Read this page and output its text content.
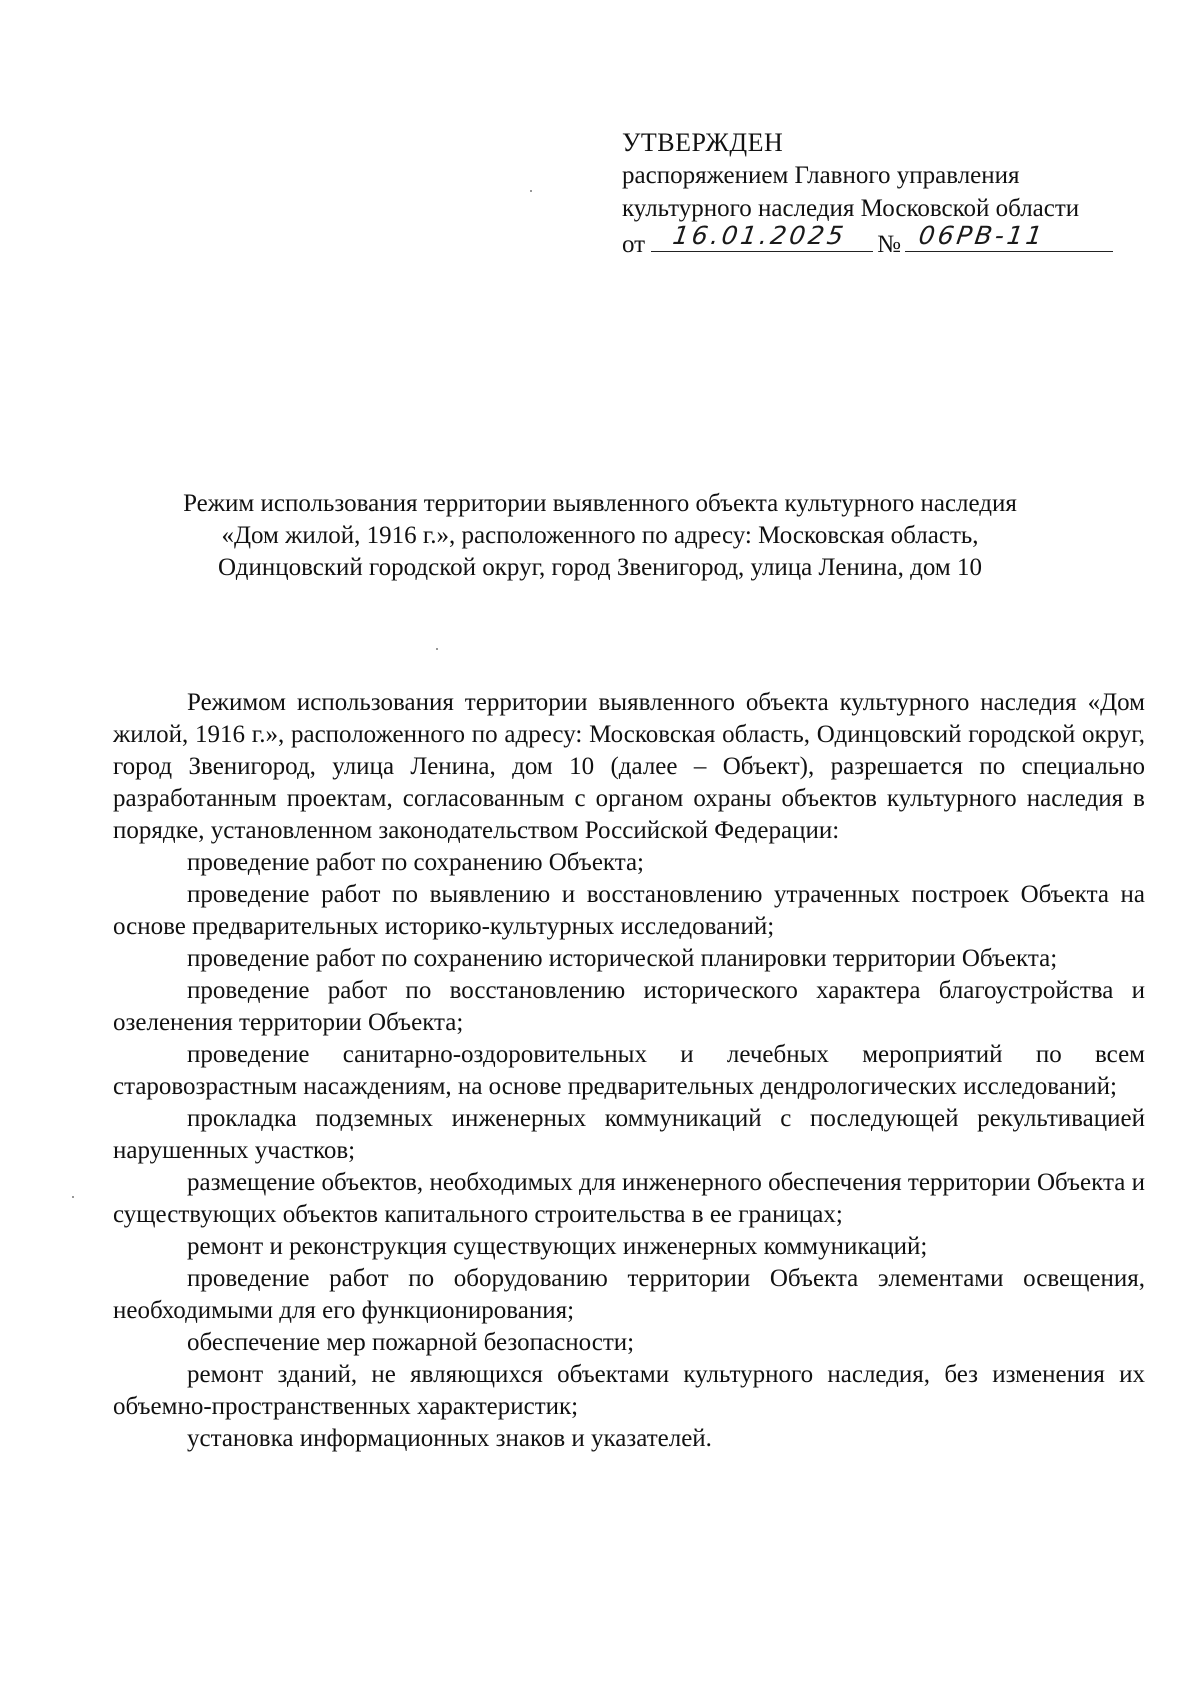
УТВЕРЖДЕН
распоряжением Главного управления
культурного наследия Московской области
от 16.01.2025 № 06РВ-11
Режим использования территории выявленного объекта культурного наследия
«Дом жилой, 1916 г.», расположенного по адресу: Московская область,
Одинцовский городской округ, город Звенигород, улица Ленина, дом 10

Режимом использования территории выявленного объекта культурного наследия «Дом жилой, 1916 г.», расположенного по адресу: Московская область, Одинцовский городской округ, город Звенигород, улица Ленина, дом 10 (далее – Объект), разрешается по специально разработанным проектам, согласованным с органом охраны объектов культурного наследия в порядке, установленном законодательством Российской Федерации:

проведение работ по сохранению Объекта;

проведение работ по выявлению и восстановлению утраченных построек Объекта на основе предварительных историко-культурных исследований;

проведение работ по сохранению исторической планировки территории Объекта;

проведение работ по восстановлению исторического характера благоустройства и озеленения территории Объекта;

проведение санитарно-оздоровительных и лечебных мероприятий по всем старовозрастным насаждениям, на основе предварительных дендрологических исследований;

прокладка подземных инженерных коммуникаций с последующей рекультивацией нарушенных участков;

размещение объектов, необходимых для инженерного обеспечения территории Объекта и существующих объектов капитального строительства в ее границах;

ремонт и реконструкция существующих инженерных коммуникаций;

проведение работ по оборудованию территории Объекта элементами освещения, необходимыми для его функционирования;

обеспечение мер пожарной безопасности;

ремонт зданий, не являющихся объектами культурного наследия, без изменения их объемно-пространственных характеристик;

установка информационных знаков и указателей.
